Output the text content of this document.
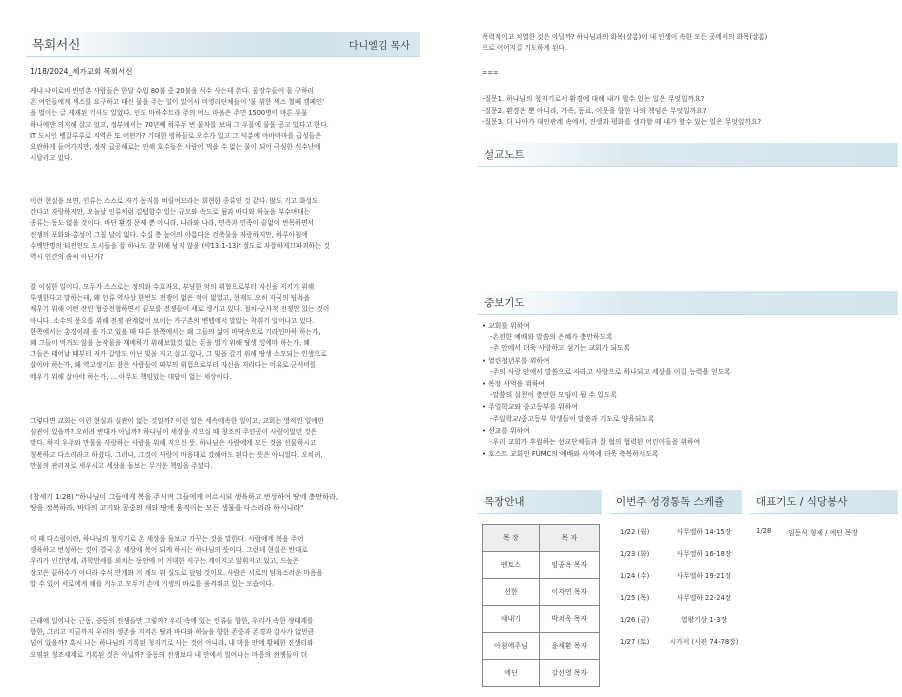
목회서신	다니엘김 목사
1/18/2024_제가교회 목회서신

케냐 나이로비 빈민촌 사람들은 한달 수입 80불 중 20불을 식수 사는데 쓴다. 물장수들이 물 구하러
온 여인들에게 섹스를 요구하고 대신 물을 주는 일이 있어서 비영리단체들이 '물 위한 섹스 철폐 캠페인'
을 벌이는 글 게재된 기사도 있었다. 인도 마하수트라 주의 어느 마을은 주민 1500명이 마른 우물
하나에만 의지해 살고 있고, 정부에서는 70년째 하루두 번 물차를 보내 그 우물에 물을 공고 있다고 한다.
IT 도시인 벵갈루루로 지역은 또 어떤가? 기대한 빙하들로 오수가 있고 그 덕분에 아마마마를 급성들은
요란하게 들어가지만, 정작 급공해로는 인해 호수들은 사람이 먹을 수 없는 물이 되어 극심한 식수난에
시달리고 있다.

이런 현실을 보면, 인류는 스스로 자기 동지를 버릴여므라는 회현한 종류인 것 같다. 많도 기고 화성도
간다고 자랑하지만, 오늘날 인류처럼 김텁함수 있는 규모와 속도로 됨과 바다와 하늘을 부수며대는
종류는 동도 없을 것이다. 바단 환경 문제 뿐 아니라, 나라와 나라, 민족과 민족이 끝없이 반목하면서
전쟁의 포화와 총성이 그칠 날이 없다. 수십 층 높이의 아름다운 건축물을 자랑하지만, 하루아침에
수백만명의 티전인도 도시들을 잘 하나도 잘 위해 남지 않을 (약13:1-13)' 절도로 자잘하게끄파괴하는 것
역시 인간의 솜씨 아닌가?

잘 이심한 일이다. 모두가 스스로는 정의와 수호자요, 부당한 악의 위협으로부터 자신을 지키기 위해
투쟁한다고 말하는데, 왜 인류 역사상 한번도 전쟁이 없은 적이 없었고, 현재도 오히 자국의 팀욕을
채우기 위해 어떤 잔인 협중전형하면서 끝모를 전쟁들이 새로 생기고 있다. 절치-군사적 전쟁만 있는 것이
아니다. 소수의 풍요를 위해 전쟁 관계없어 보이는 가구촌의 벤텝에서 말았는 착취기 일어나고 있다.
한쪽에서는 총경이래 롤 가고 있을 때 다른 한쪽에서는 왜 그들의 삶이 바닥속으로 기라인마하 하는가,
왜 그들이 먹거도 않을 농작물을 재배하기 위해보았것 없는 돈을 벌기 위해 땅생 잉에마 하는가, 왜
그들은 태어날 때부터 저가 갈망도 아닌 빚을 지고 살고 있나, 그 빚을 갚기 위해 땅생 소모되는 인생으로
살아야 하는가, 왜 역고생기도 참은 사람들이 파부의 위험으로부터 자신을 지리다는 이유로 군사비를
메우기 위해 살아야 하는가, ... 아무도 책임있는 대답이 없는 세상이다.

그렇다면 교회는 이런 현실과 실관이 없는 것일까? 이런 일은 세속에속한 일이고, 교회는 영적인 일에만
심관이 있을까? 오히려 반대가 아닐까? 하나님이 세상을 지으실 때 창조의 주인공이 사람이었던 것은
맞다. 하지 우주와 만물을 사랑하는 사람을 위해 지으신 뜻. 하나님은 사람에게 모든 것을 선물하시고
청복하고 다스리라고 하셨다. 그러나, 그것이 사람이 마음대로 갔해야도 된다는 뜻은 아니었다. 오히려,
만물의 관리자로 세우시고 세상을 돌보는 무거운 책임을 주셨다.

(창세기 1:28) "하나님이 그들에게 복을 주시며 그들에게 이르시되 생육하고 번성하여 땅에 충만하라,
땅을 정복하라, 바다의 고기와 공중의 새와 땅에 움직이는 모든 생물을 다스리라 하시니라"

이 때 다스림이란, 하나님의 청지기로 온 세상을 돌보고 가꾸는 것을 말한다. 사람에게 복을 주어
생육하고 번성하는 것이 결국 온 세상에 복이 되게 하시는 하나님의 뜻이다. 그런데 현실은 반대로
우리가 인간만세, 과학만세를 외치는 동안에 이 거대한 지구는 계이지고 않휘지고 있고, 드높은
장고은 끝하수가 아니라 수식 만개와 거 계도 위 실도로 덮임 것이요. 사람은 서로의 팀욕스러운 마음을
알 수 있어 서로에게 해를 거누고 모두기 손에 기생의 바로를 움켜쥐고 있는 모습이다.

근래에 일어나는 근동, 중동의 전쟁들만 그렇까? 우리 속에 있는 인류들 향한, 우리가 속한 생태계를
향한, 그리고 지금까지 우리의 생존을 지켜온 땅과 바다와 하늘을 향한 존중과 존경과 감사가 없만큼
넘어 있을까? 혹시 나는 하나님의 기록된 청지기로 사는 것이 아니라, 내 마음 안에 황폐한 진생터와
오염된 청조세계로 기록된 것은 아닐까? 중동의 전쟁보다 내 안에서 일어나는 마음의 전쟁들이 더

폭력적이고 치열한 것은 아닐까? 하나님과의 화목(샬롬)이 내 인생이 속한 모든 곳에서의 화목(샬롬)
으로 이어지길 기도하게 된다.

===
-질문1. 하나님의 청지기로서 환경에 대해 내가 할수 있는 일은 무엇일까요?
-질문2. 환경은 뿐 아니라, 가족, 동료, 이웃을 향한 나의 책임은 무엇일까요?
-질문3. 더 나아가 대인관계 속에서, 진생과 평화를 생각할 때 내가 할수 있는 일은 무엇일까요?
설교노트
중보기도
• 교회를 위하여
-온전한 예배와 말씀의 은혜가 충만하도록
-주 안에서 더욱 사랑하고 섬기는 교회가 되도록
• 열린청년부를 위하여
-주의 사랑 안에서 말씀으로 자라고 사랑으로 하나되고 세상을 이길 능력을 얻도록
• 목장 사역을 위하여
-말씀의 실천이 충만한 모임이 될 수 있도록
• 주일학교와 중고등부를 위하여
-주일학교/중고등부 학생들이 말씀과 기도로 양육되도록
• 선교를 위하여
-우리 교회가 후원하는 선교단체들과 잘 협의 협력된 어린이들을 위하여
• 호스트 교회인 FUMC의 예배와 사역에 더욱 축복하시도록
목장안내
목 장	목 자
엔토스	임종옥 목자
선한	이자연 목자
새내기	박치욱 목자
아침에주님	윤재환 목자
에딘	강선영 목자
이번주 성경통독 스케쥴
1/22 (월)	사무엘하 14-15장
1/23 (화)	사무엘하 16-18장
1/24 (수)	사무엘하 19-21장
1/25 (목)	사무엘하 22-24장
1/26 (금)	열왕기상 1-3장
1/27 (토)	시가서 (시편 74-78장)
대표기도 / 식당봉사
1/28	임동식 형제 / 에딘 목장
